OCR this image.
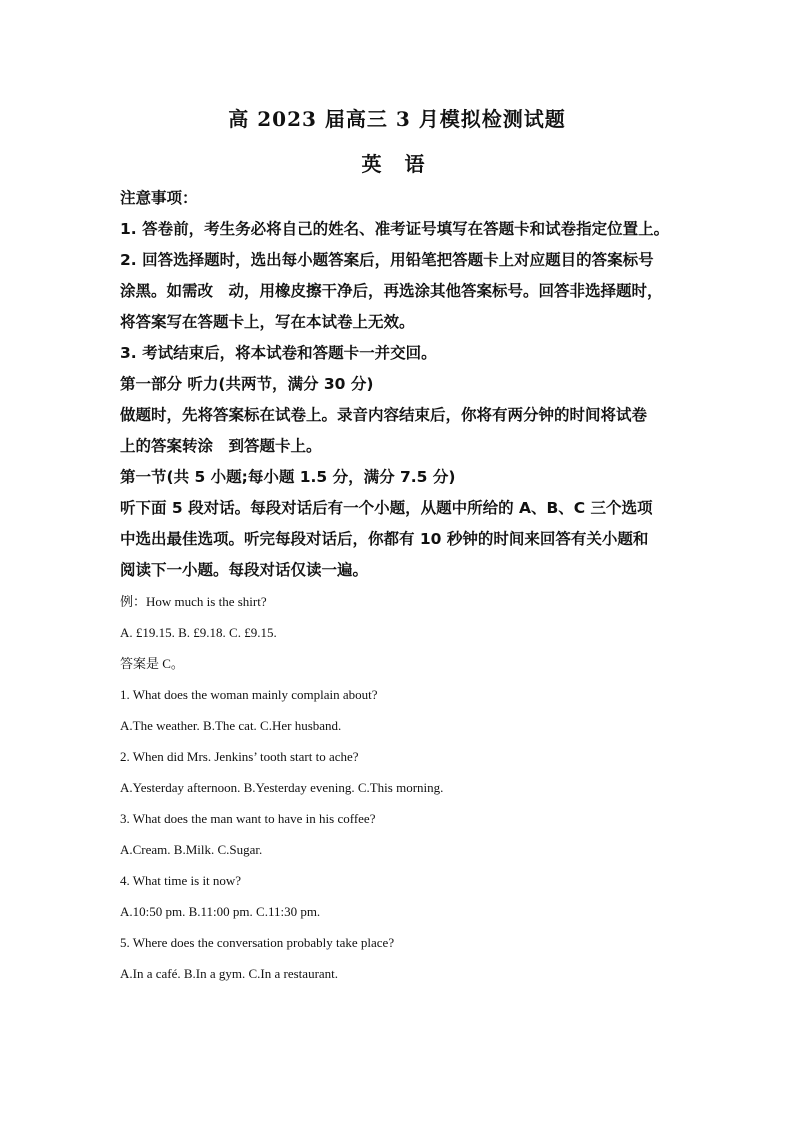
高 2023 届高三 3 月模拟检测试题
英 语

注意事项：

1. 答卷前，考生务必将自己的姓名、准考证号填写在答题卡和试卷指定位置上。

2. 回答选择题时，选出每小题答案后，用铅笔把答题卡上对应题目的答案标号

涂黑。如需改　动，用橡皮擦干净后，再选涂其他答案标号。回答非选择题时，

将答案写在答题卡上，写在本试卷上无效。

3. 考试结束后，将本试卷和答题卡一并交回。

第一部分 听力(共两节，满分 30 分)

做题时，先将答案标在试卷上。录音内容结束后，你将有两分钟的时间将试卷

上的答案转涂　到答题卡上。

第一节(共 5 小题;每小题 1.5 分，满分 7.5 分)

听下面 5 段对话。每段对话后有一个小题，从题中所给的 A、B、C 三个选项

中选出最佳选项。听完每段对话后，你都有 10 秒钟的时间来回答有关小题和

阅读下一小题。每段对话仅读一遍。

例：How much is the shirt?

A. £19.15. B. £9.18. C. £9.15.

答案是 C。

1. What does the woman mainly complain about?

A.The weather. B.The cat. C.Her husband.

2. When did Mrs. Jenkins’ tooth start to ache?

A.Yesterday afternoon. B.Yesterday evening. C.This morning.

3. What does the man want to have in his coffee?

A.Cream. B.Milk. C.Sugar.

4. What time is it now?

A.10:50 pm. B.11:00 pm. C.11:30 pm.

5. Where does the conversation probably take place?

A.In a café. B.In a gym. C.In a restaurant.
